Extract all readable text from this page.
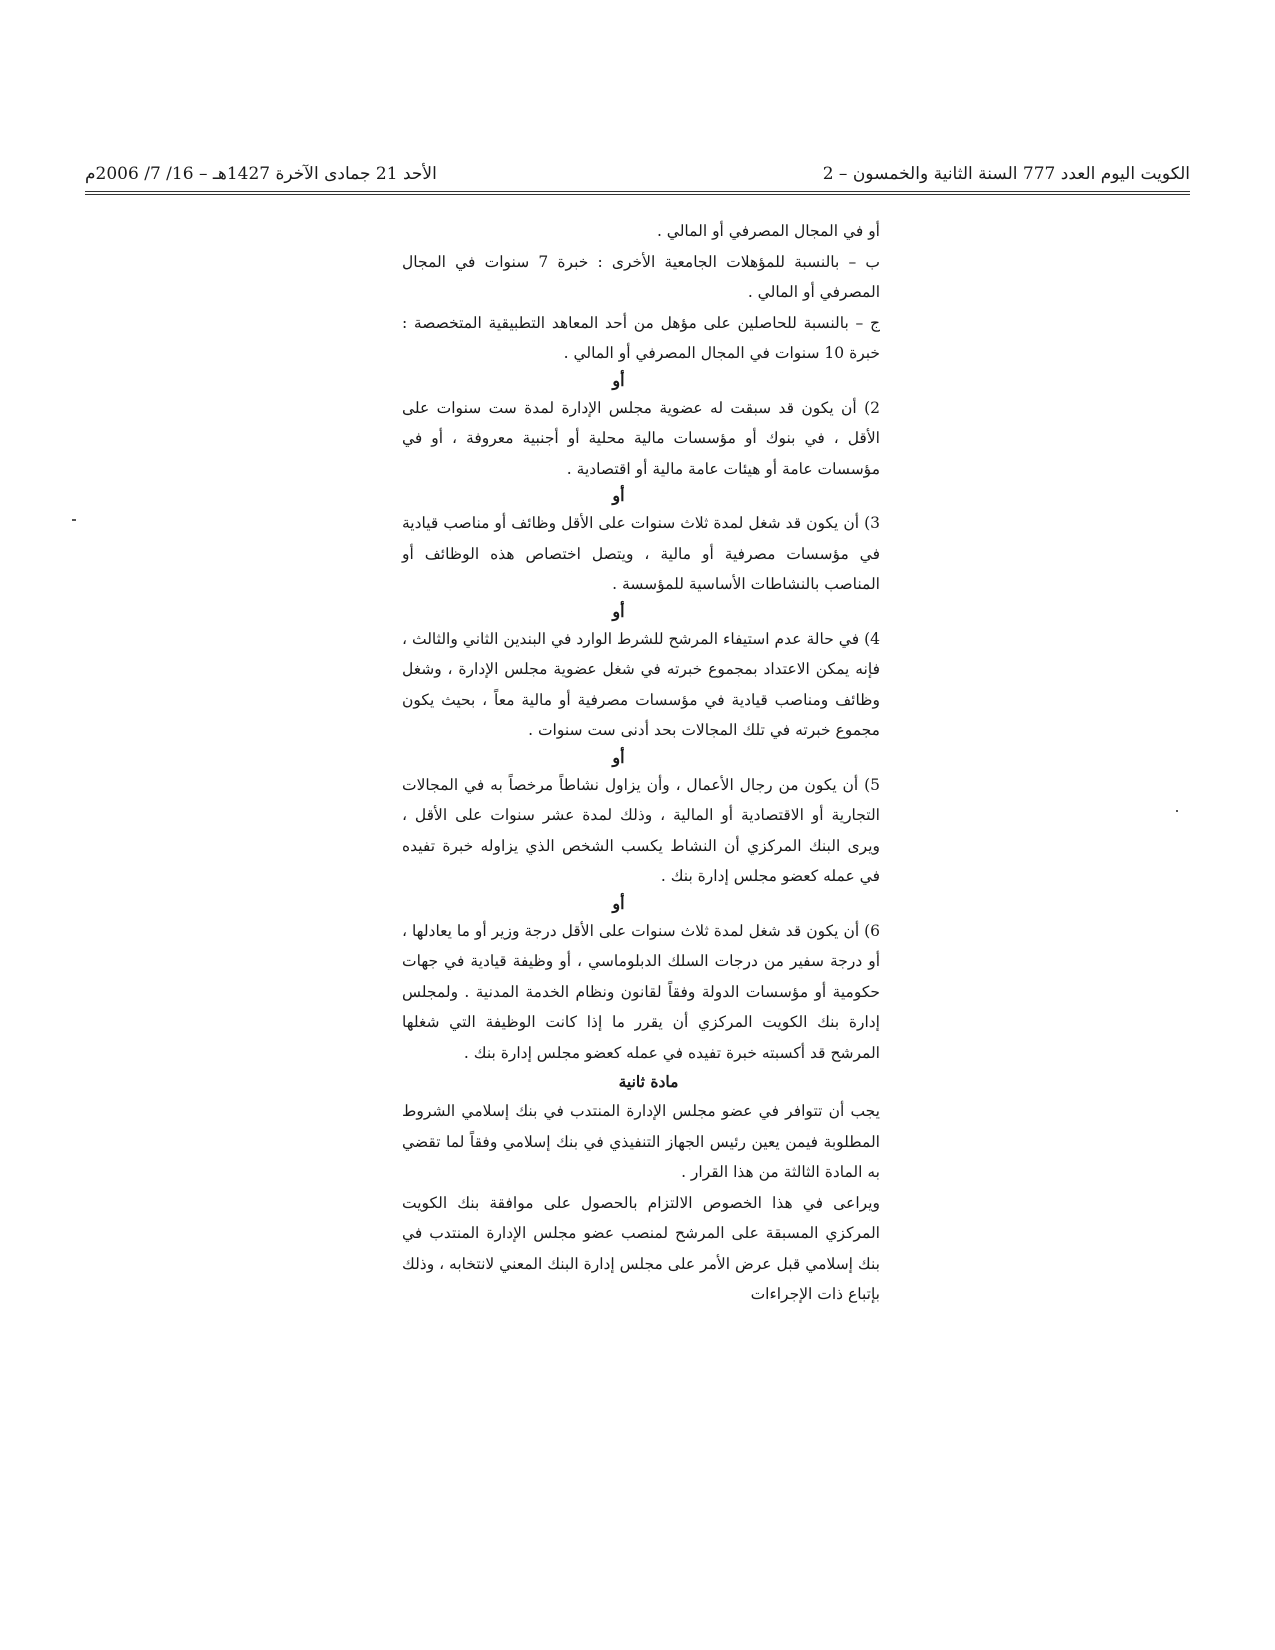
الكويت اليوم العدد 777 السنة الثانية والخمسون – 2
الأحد 21 جمادى الآخرة 1427هـ – 16/ 7/ 2006م

أو في المجال المصرفي أو المالي .

ب – بالنسبة للمؤهلات الجامعية الأخرى : خبرة 7 سنوات في المجال المصرفي أو المالي .

ج – بالنسبة للحاصلين على مؤهل من أحد المعاهد التطبيقية المتخصصة : خبرة 10 سنوات في المجال المصرفي أو المالي .

أو

2) أن يكون قد سبقت له عضوية مجلس الإدارة لمدة ست سنوات على الأقل ، في بنوك أو مؤسسات مالية محلية أو أجنبية معروفة ، أو في مؤسسات عامة أو هيئات عامة مالية أو اقتصادية .

أو

3) أن يكون قد شغل لمدة ثلاث سنوات على الأقل وظائف أو مناصب قيادية في مؤسسات مصرفية أو مالية ، ويتصل اختصاص هذه الوظائف أو المناصب بالنشاطات الأساسية للمؤسسة .

أو

4) في حالة عدم استيفاء المرشح للشرط الوارد في البندين الثاني والثالث ، فإنه يمكن الاعتداد بمجموع خبرته في شغل عضوية مجلس الإدارة ، وشغل وظائف ومناصب قيادية في مؤسسات مصرفية أو مالية معاً ، بحيث يكون مجموع خبرته في تلك المجالات بحد أدنى ست سنوات .

أو

5) أن يكون من رجال الأعمال ، وأن يزاول نشاطاً مرخصاً به في المجالات التجارية أو الاقتصادية أو المالية ، وذلك لمدة عشر سنوات على الأقل ، ويرى البنك المركزي أن النشاط يكسب الشخص الذي يزاوله خبرة تفيده في عمله كعضو مجلس إدارة بنك .

أو

6) أن يكون قد شغل لمدة ثلاث سنوات على الأقل درجة وزير أو ما يعادلها ، أو درجة سفير من درجات السلك الدبلوماسي ، أو وظيفة قيادية في جهات حكومية أو مؤسسات الدولة وفقاً لقانون ونظام الخدمة المدنية . ولمجلس إدارة بنك الكويت المركزي أن يقرر ما إذا كانت الوظيفة التي شغلها المرشح قد أكسبته خبرة تفيده في عمله كعضو مجلس إدارة بنك .

مادة ثانية

يجب أن تتوافر في عضو مجلس الإدارة المنتدب في بنك إسلامي الشروط المطلوبة فيمن يعين رئيس الجهاز التنفيذي في بنك إسلامي وفقاً لما تقضي به المادة الثالثة من هذا القرار .

ويراعى في هذا الخصوص الالتزام بالحصول على موافقة بنك الكويت المركزي المسبقة على المرشح لمنصب عضو مجلس الإدارة المنتدب في بنك إسلامي قبل عرض الأمر على مجلس إدارة البنك المعني لانتخابه ، وذلك بإتباع ذات الإجراءات
